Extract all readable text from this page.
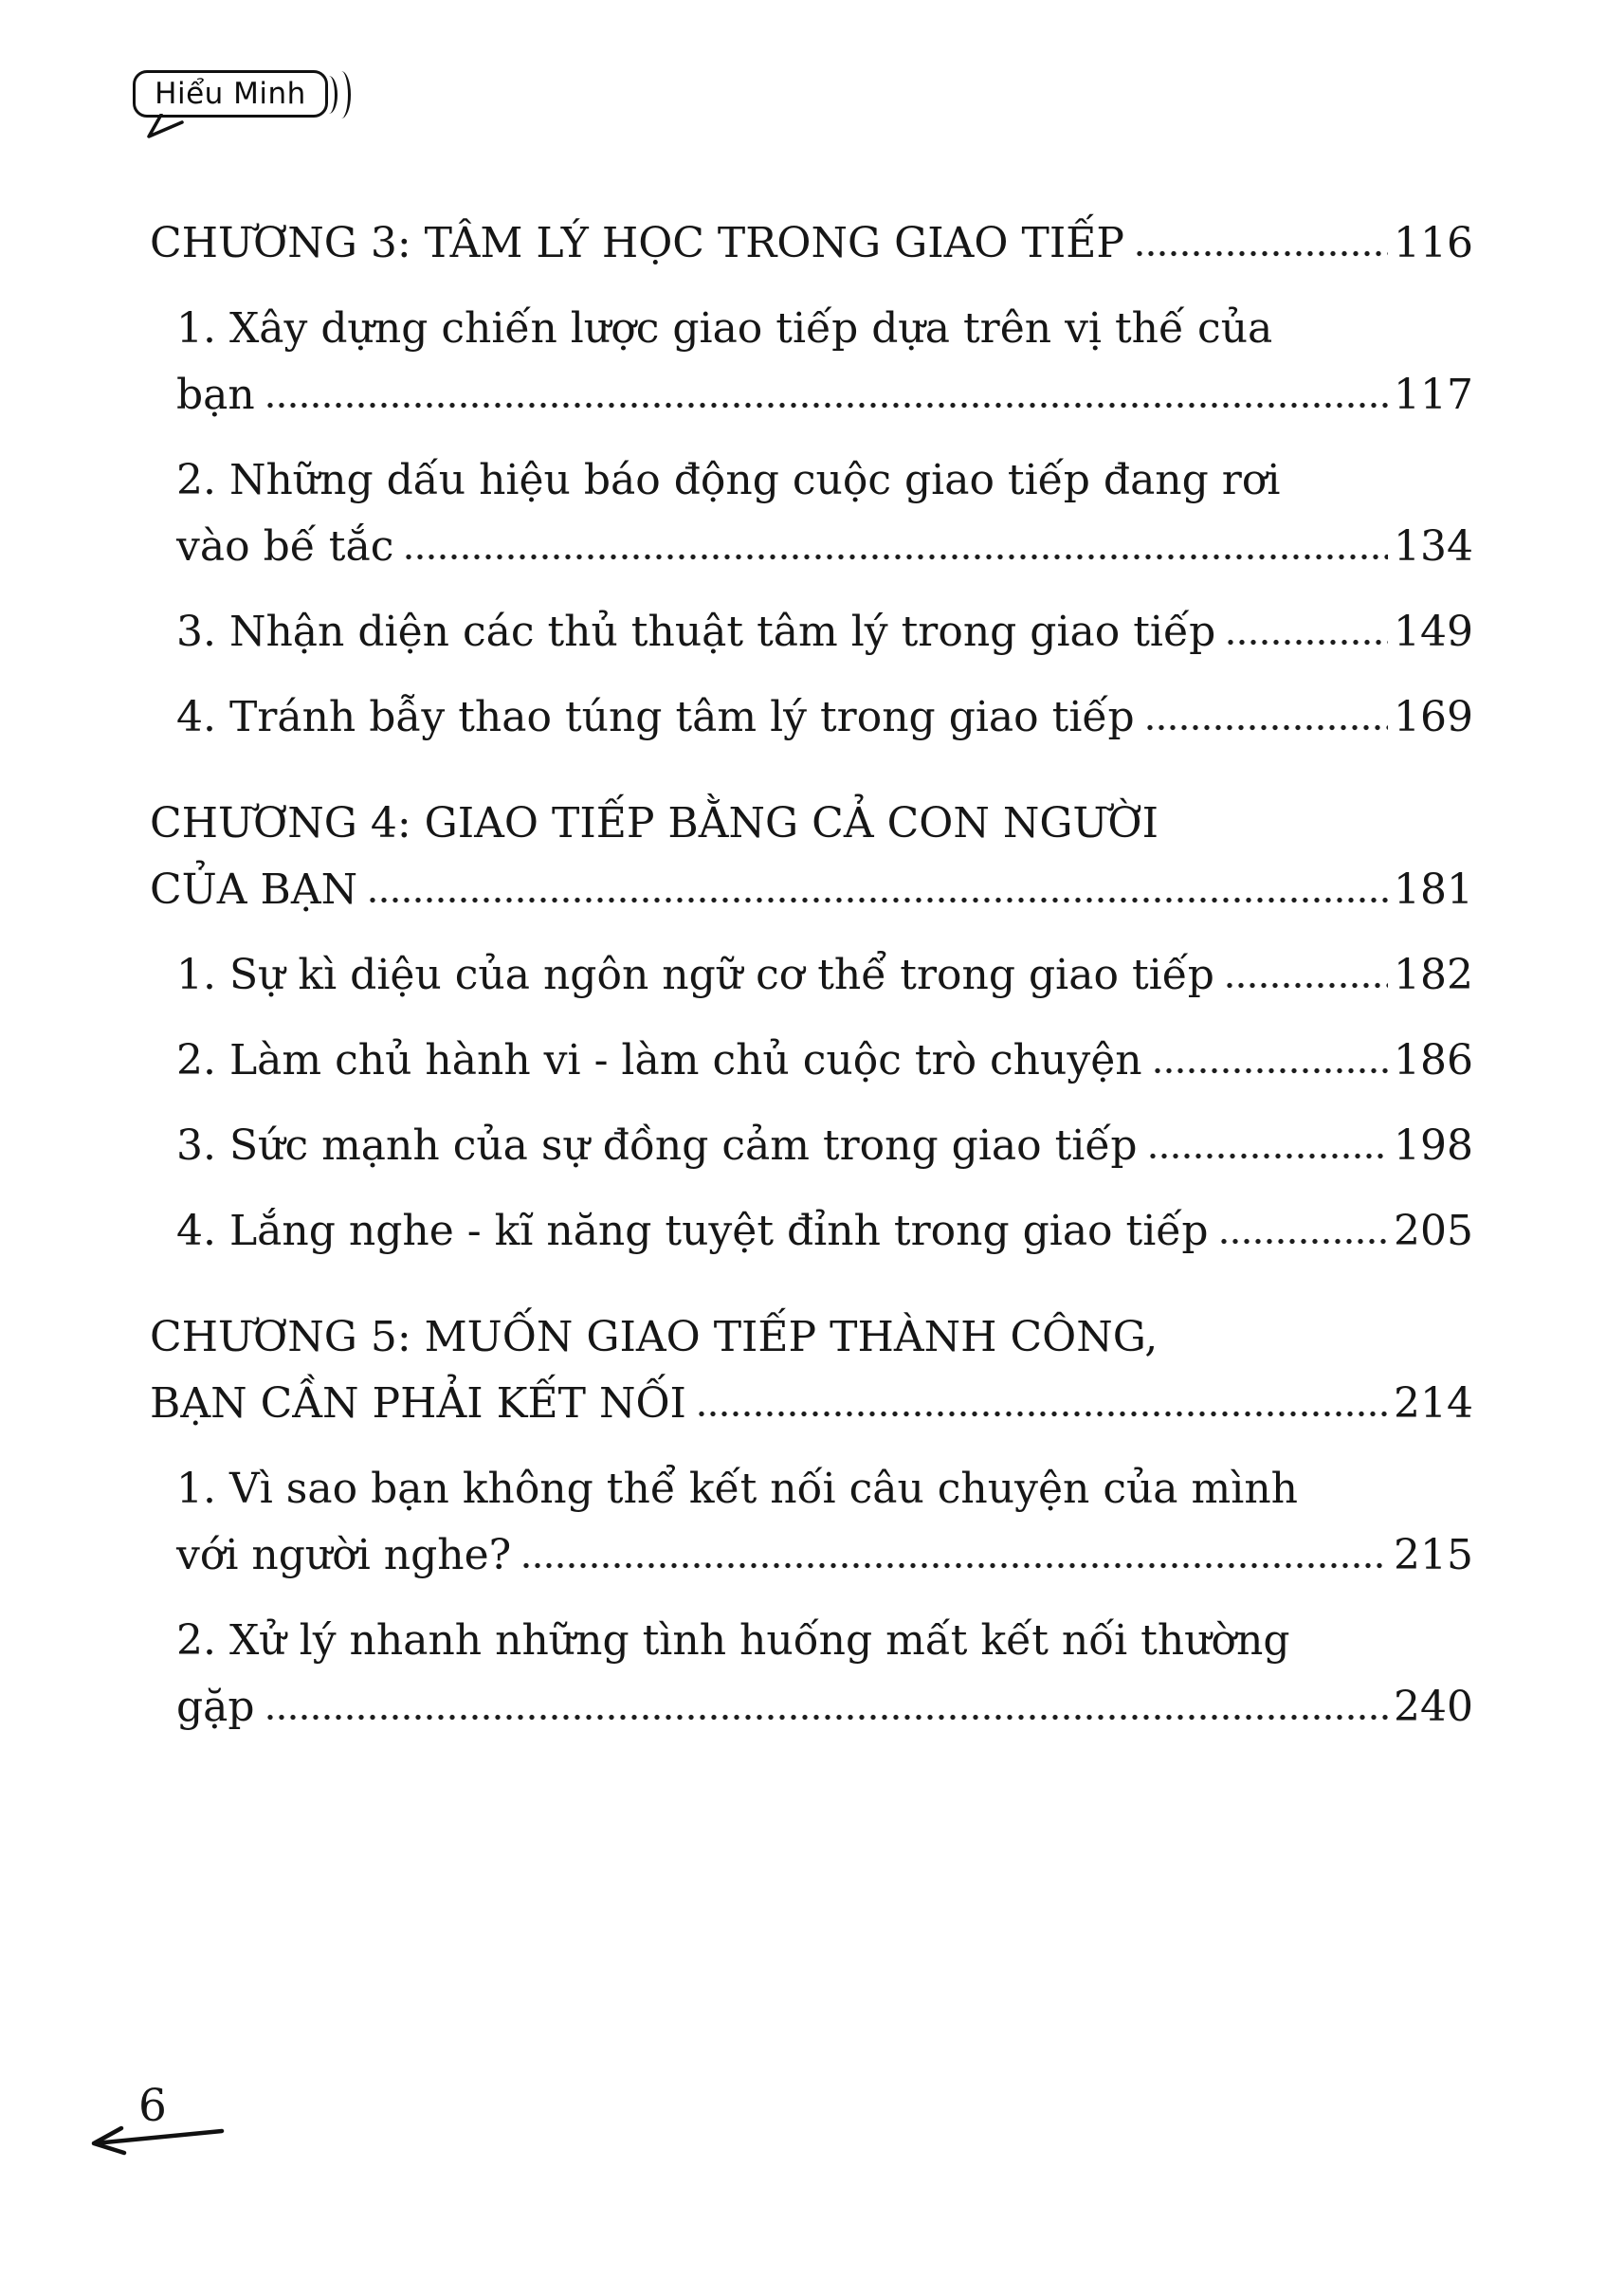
Hiểu Minh
CHƯƠNG 3: TÂM LÝ HỌC TRONG GIAO TIẾP	116
1. Xây dựng chiến lược giao tiếp dựa trên vị thế của
bạn	117
2. Những dấu hiệu báo động cuộc giao tiếp đang rơi
vào bế tắc	134
3. Nhận diện các thủ thuật tâm lý trong giao tiếp	149
4. Tránh bẫy thao túng tâm lý trong giao tiếp	169
CHƯƠNG 4: GIAO TIẾP BẰNG CẢ CON NGƯỜI
CỦA BẠN	181
1. Sự kì diệu của ngôn ngữ cơ thể trong giao tiếp	182
2. Làm chủ hành vi - làm chủ cuộc trò chuyện	186
3. Sức mạnh của sự đồng cảm trong giao tiếp	198
4. Lắng nghe - kĩ năng tuyệt đỉnh trong giao tiếp	205
CHƯƠNG 5: MUỐN GIAO TIẾP THÀNH CÔNG,
BẠN CẦN PHẢI KẾT NỐI	214
1. Vì sao bạn không thể kết nối câu chuyện của mình
với người nghe?	215
2. Xử lý nhanh những tình huống mất kết nối thường
gặp	240
6
